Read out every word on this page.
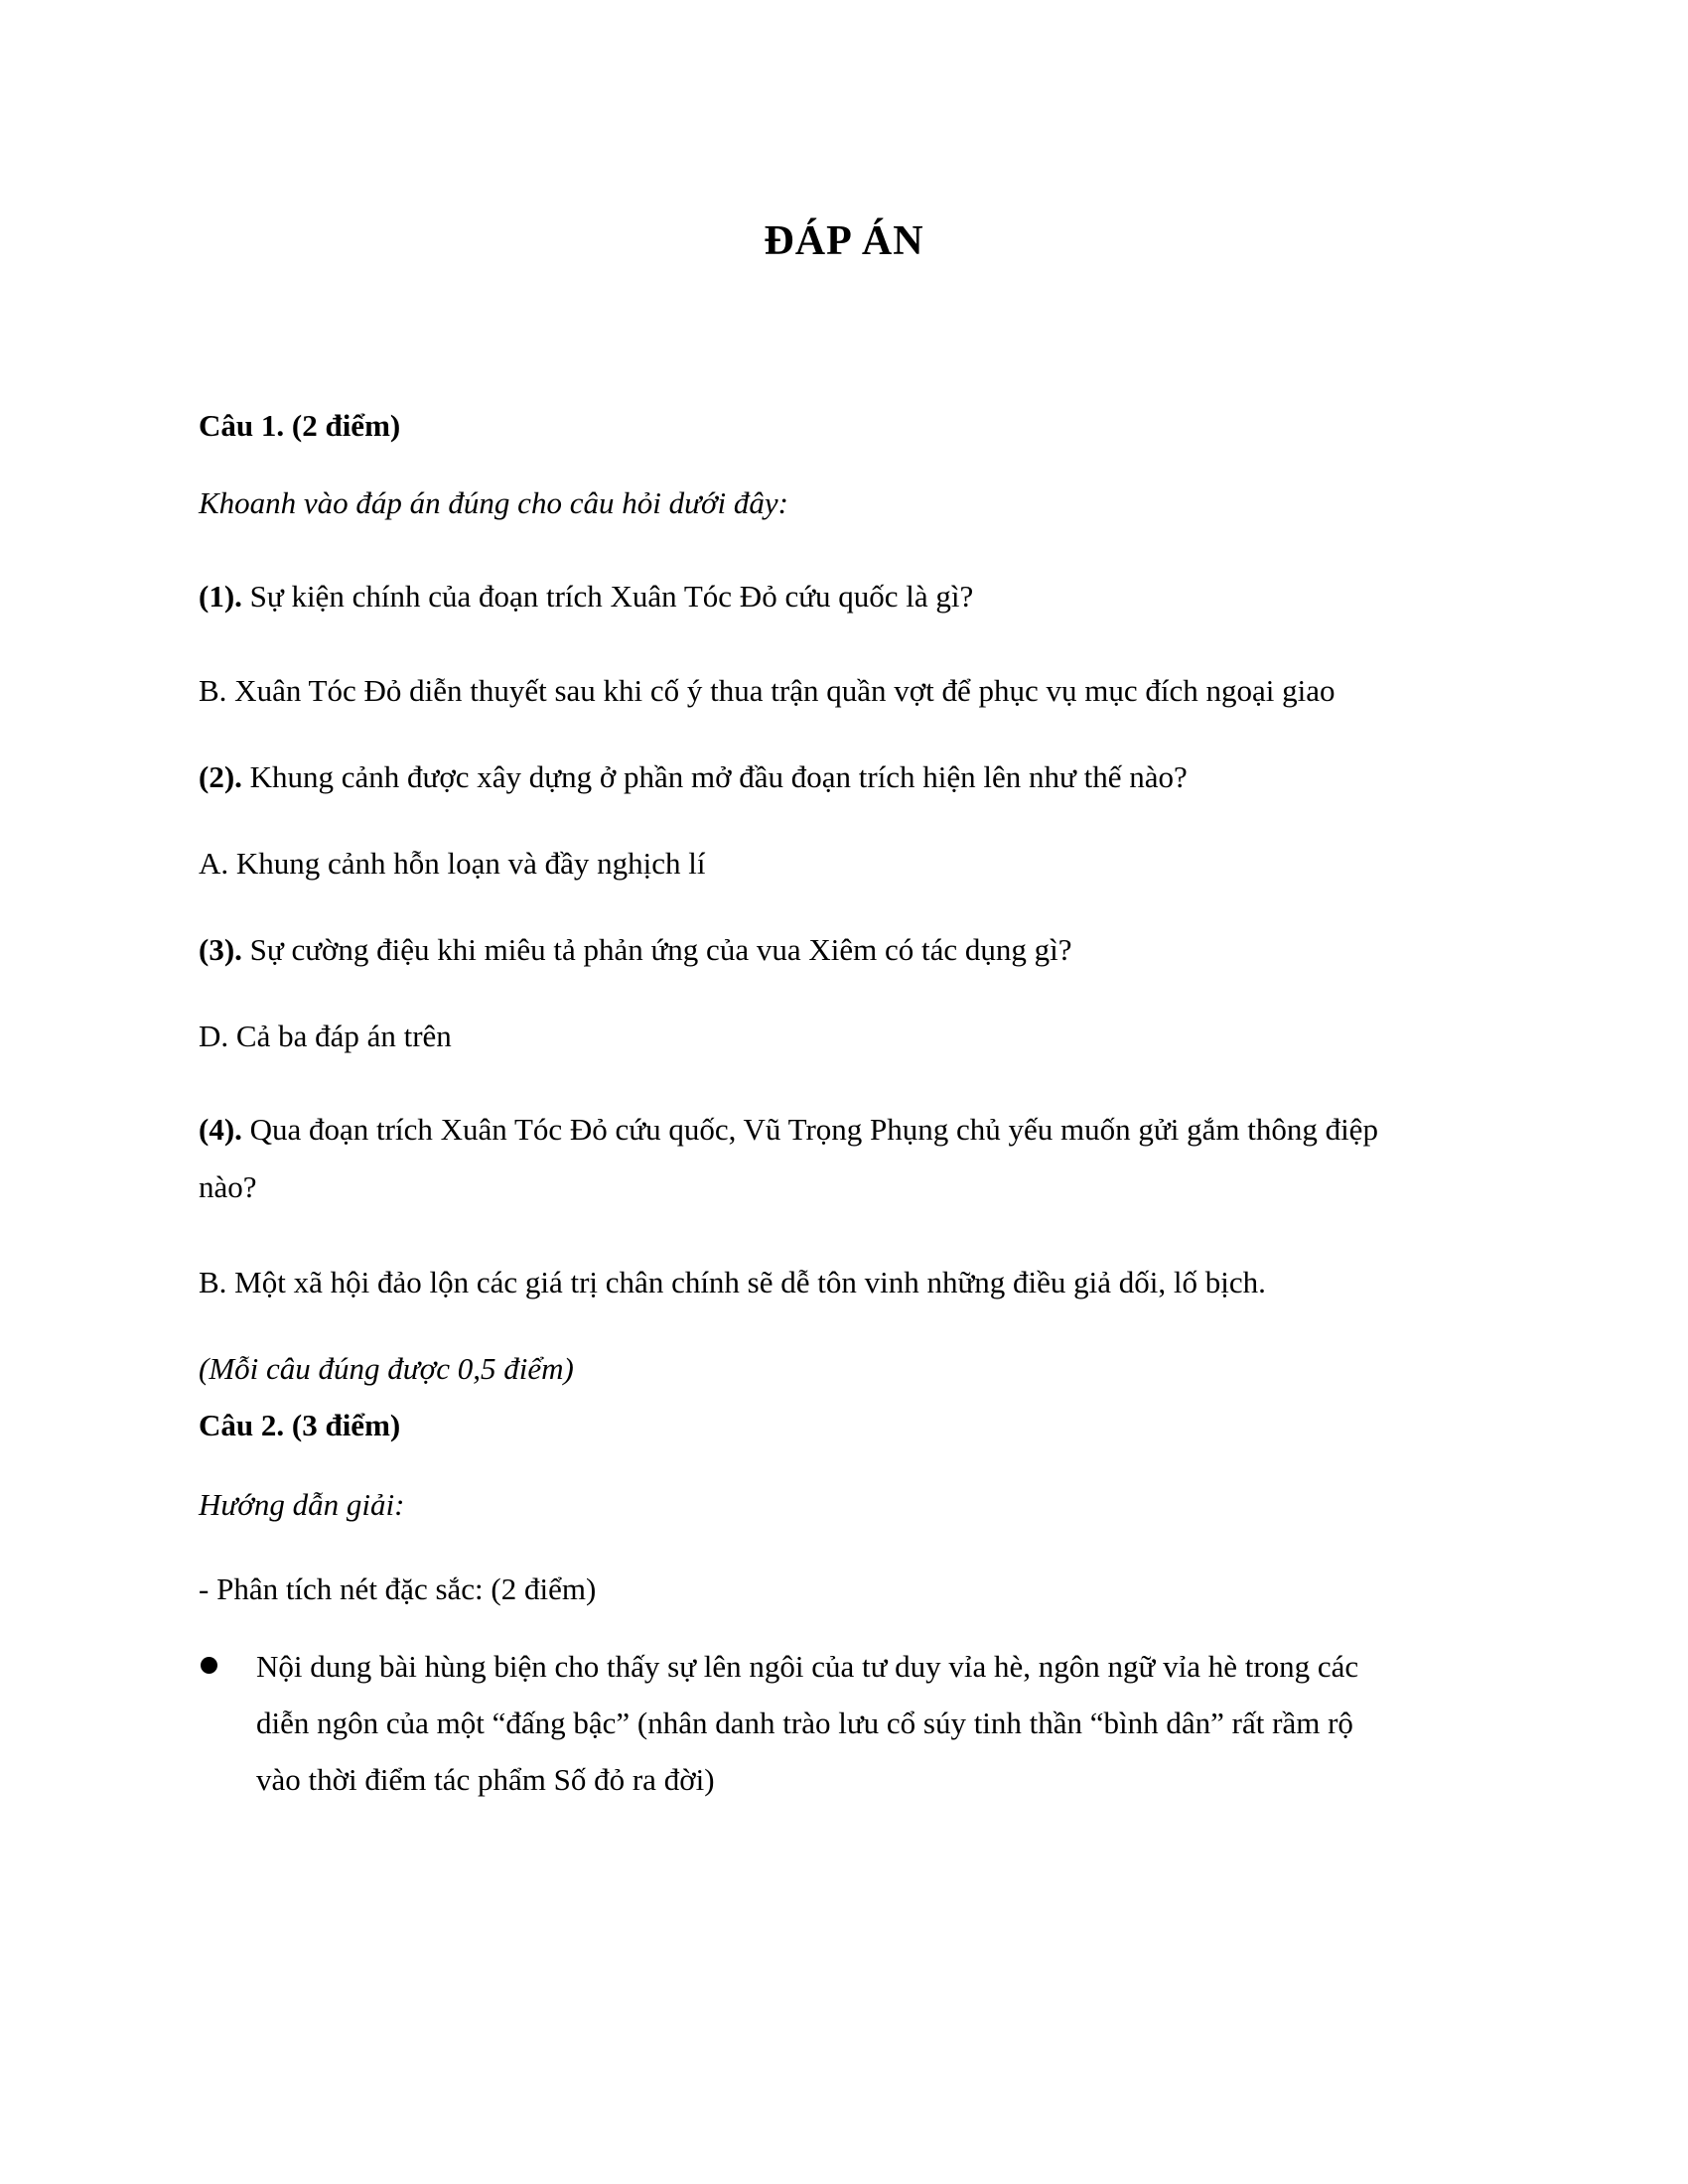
ĐÁP ÁN

Câu 1. (2 điểm)

Khoanh vào đáp án đúng cho câu hỏi dưới đây:

(1). Sự kiện chính của đoạn trích Xuân Tóc Đỏ cứu quốc là gì?

B. Xuân Tóc Đỏ diễn thuyết sau khi cố ý thua trận quần vợt để phục vụ mục đích ngoại giao

(2). Khung cảnh được xây dựng ở phần mở đầu đoạn trích hiện lên như thế nào?

A. Khung cảnh hỗn loạn và đầy nghịch lí

(3). Sự cường điệu khi miêu tả phản ứng của vua Xiêm có tác dụng gì?

D. Cả ba đáp án trên

(4). Qua đoạn trích Xuân Tóc Đỏ cứu quốc, Vũ Trọng Phụng chủ yếu muốn gửi gắm thông điệp

nào?

B. Một xã hội đảo lộn các giá trị chân chính sẽ dễ tôn vinh những điều giả dối, lố bịch.

(Mỗi câu đúng được 0,5 điểm)

Câu 2. (3 điểm)

Hướng dẫn giải:

- Phân tích nét đặc sắc: (2 điểm)

Nội dung bài hùng biện cho thấy sự lên ngôi của tư duy vỉa hè, ngôn ngữ vỉa hè trong các
diễn ngôn của một “đấng bậc” (nhân danh trào lưu cổ súy tinh thần “bình dân” rất rầm rộ
vào thời điểm tác phẩm Số đỏ ra đời)
